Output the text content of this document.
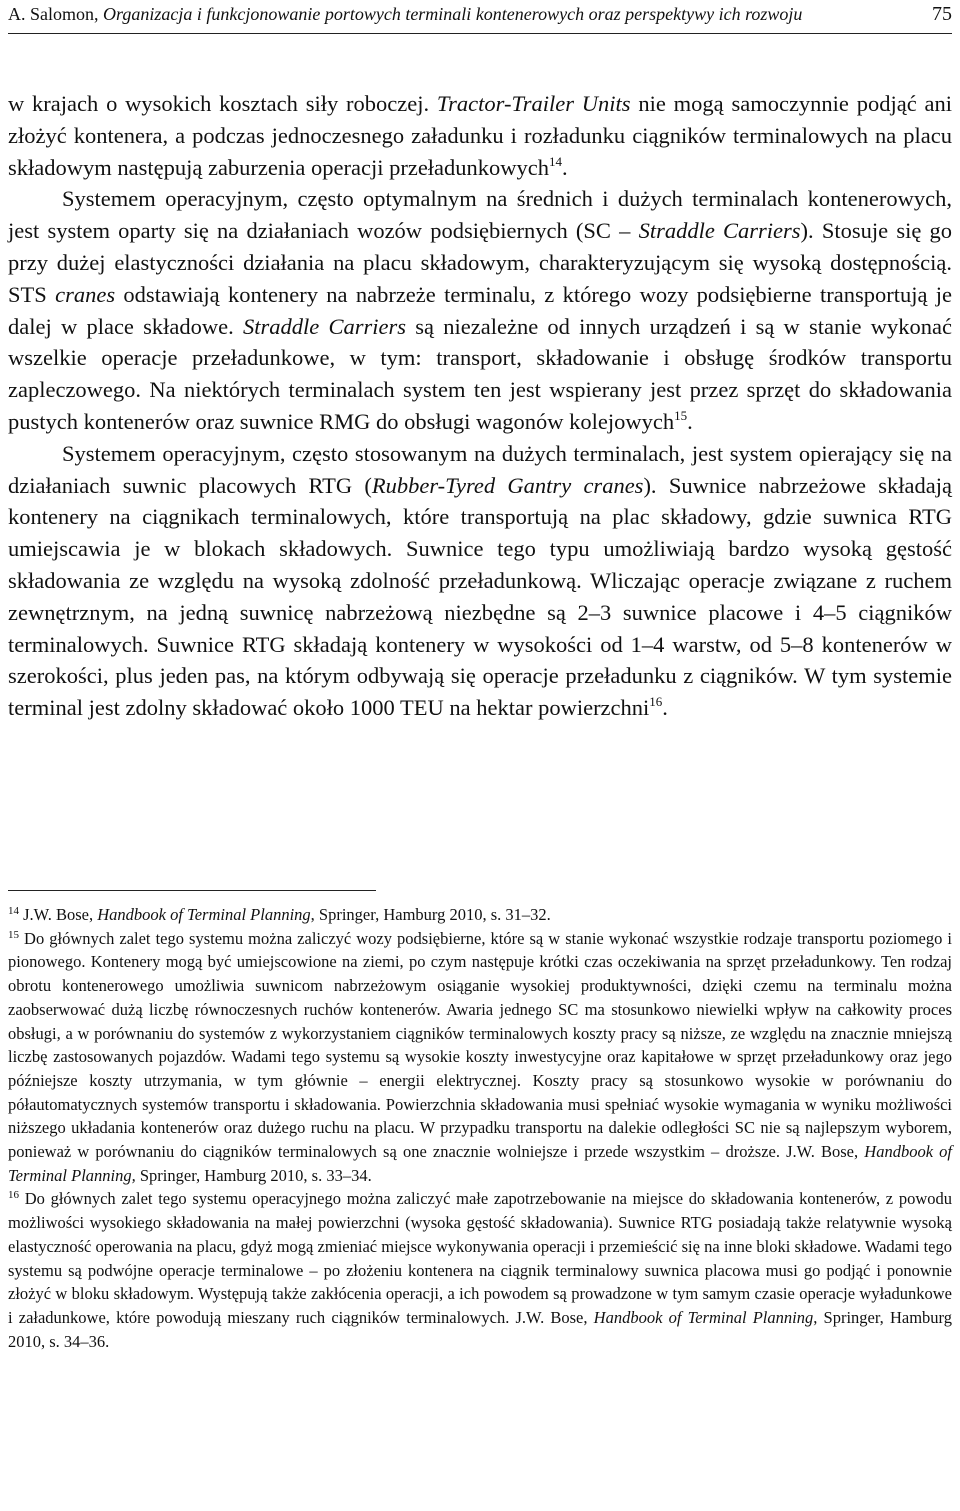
A. Salomon, Organizacja i funkcjonowanie portowych terminali kontenerowych oraz perspektywy ich rozwoju	75

w krajach o wysokich kosztach siły roboczej. Tractor-Trailer Units nie mogą samoczynnie podjąć ani złożyć kontenera, a podczas jednoczesnego załadunku i rozładunku ciągników terminalowych na placu składowym następują zaburzenia operacji przeładunkowych$^{14}$.

Systemem operacyjnym, często optymalnym na średnich i dużych terminalach kontenerowych, jest system oparty się na działaniach wozów podsiębiernych (SC – Straddle Carriers). Stosuje się go przy dużej elastyczności działania na placu składowym, charakteryzującym się wysoką dostępnością. STS cranes odstawiają kontenery na nabrzeże terminalu, z którego wozy podsiębierne transportują je dalej w place składowe. Straddle Carriers są niezależne od innych urządzeń i są w stanie wykonać wszelkie operacje przeładunkowe, w tym: transport, składowanie i obsługę środków transportu zapleczowego. Na niektórych terminalach system ten jest wspierany jest przez sprzęt do składowania pustych kontenerów oraz suwnice RMG do obsługi wagonów kolejowych$^{15}$.

Systemem operacyjnym, często stosowanym na dużych terminalach, jest system opierający się na działaniach suwnic placowych RTG (Rubber-Tyred Gantry cranes). Suwnice nabrzeżowe składają kontenery na ciągnikach terminalowych, które transportują na plac składowy, gdzie suwnica RTG umiejscawia je w blokach składowych. Suwnice tego typu umożliwiają bardzo wysoką gęstość składowania ze względu na wysoką zdolność przeładunkową. Wliczając operacje związane z ruchem zewnętrznym, na jedną suwnicę nabrzeżową niezbędne są 2–3 suwnice placowe i 4–5 ciągników terminalowych. Suwnice RTG składają kontenery w wysokości od 1–4 warstw, od 5–8 kontenerów w szerokości, plus jeden pas, na którym odbywają się operacje przeładunku z ciągników. W tym systemie terminal jest zdolny składować około 1000 TEU na hektar powierzchni$^{16}$.

$^{14}$ J.W. Bose, Handbook of Terminal Planning, Springer, Hamburg 2010, s. 31–32.

$^{15}$ Do głównych zalet tego systemu można zaliczyć wozy podsiębierne, które są w stanie wykonać wszystkie rodzaje transportu poziomego i pionowego. Kontenery mogą być umiejscowione na ziemi, po czym następuje krótki czas oczekiwania na sprzęt przeładunkowy. Ten rodzaj obrotu kontenerowego umożliwia suwnicom nabrzeżowym osiąganie wysokiej produktywności, dzięki czemu na terminalu można zaobserwować dużą liczbę równoczesnych ruchów kontenerów. Awaria jednego SC ma stosunkowo niewielki wpływ na całkowity proces obsługi, a w porównaniu do systemów z wykorzystaniem ciągników terminalowych koszty pracy są niższe, ze względu na znacznie mniejszą liczbę zastosowanych pojazdów. Wadami tego systemu są wysokie koszty inwestycyjne oraz kapitałowe w sprzęt przeładunkowy oraz jego późniejsze koszty utrzymania, w tym głównie – energii elektrycznej. Koszty pracy są stosunkowo wysokie w porównaniu do półautomatycznych systemów transportu i składowania. Powierzchnia składowania musi spełniać wysokie wymagania w wyniku możliwości niższego układania kontenerów oraz dużego ruchu na placu. W przypadku transportu na dalekie odległości SC nie są najlepszym wyborem, ponieważ w porównaniu do ciągników terminalowych są one znacznie wolniejsze i przede wszystkim – droższe. J.W. Bose, Handbook of Terminal Planning, Springer, Hamburg 2010, s. 33–34.

$^{16}$ Do głównych zalet tego systemu operacyjnego można zaliczyć małe zapotrzebowanie na miejsce do składowania kontenerów, z powodu możliwości wysokiego składowania na małej powierzchni (wysoka gęstość składowania). Suwnice RTG posiadają także relatywnie wysoką elastyczność operowania na placu, gdyż mogą zmieniać miejsce wykonywania operacji i przemieścić się na inne bloki składowe. Wadami tego systemu są podwójne operacje terminalowe – po złożeniu kontenera na ciągnik terminalowy suwnica placowa musi go podjąć i ponownie złożyć w bloku składowym. Występują także zakłócenia operacji, a ich powodem są prowadzone w tym samym czasie operacje wyładunkowe i załadunkowe, które powodują mieszany ruch ciągników terminalowych. J.W. Bose, Handbook of Terminal Planning, Springer, Hamburg 2010, s. 34–36.
